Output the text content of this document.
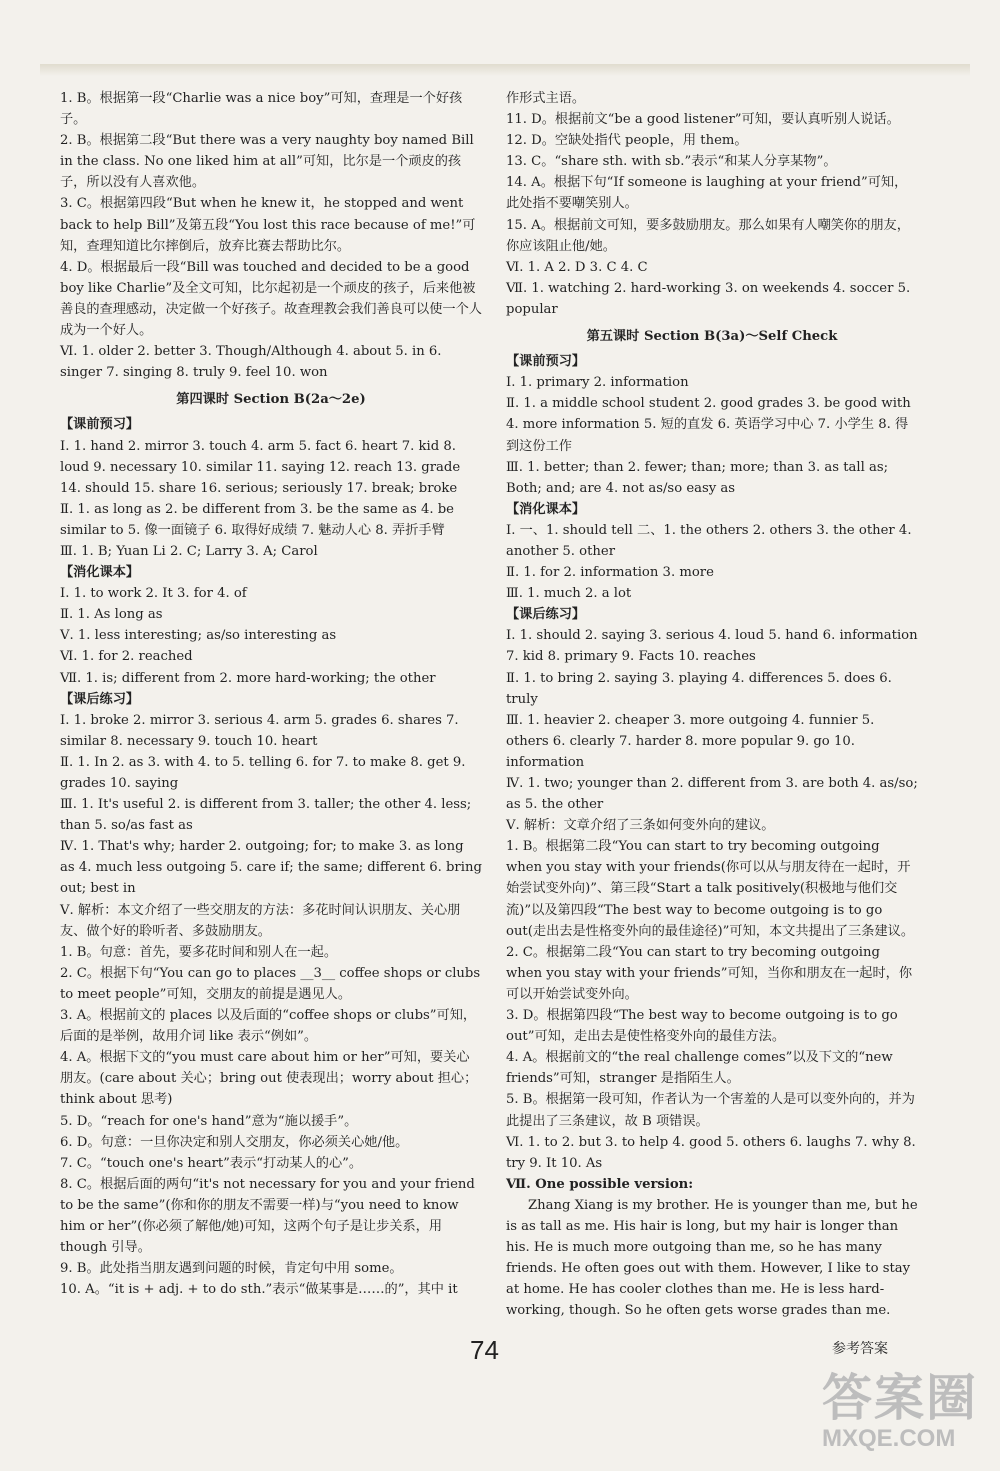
1. B。根据第一段“Charlie was a nice boy”可知，查理是一个好孩子。

2. B。根据第二段“But there was a very naughty boy named Bill in the class. No one liked him at all”可知，比尔是一个顽皮的孩子，所以没有人喜欢他。

3. C。根据第四段“But when he knew it，he stopped and went back to help Bill”及第五段“You lost this race because of me!”可知，查理知道比尔摔倒后，放弃比赛去帮助比尔。

4. D。根据最后一段“Bill was touched and decided to be a good boy like Charlie”及全文可知，比尔起初是一个顽皮的孩子，后来他被善良的查理感动，决定做一个好孩子。故查理教会我们善良可以使一个人成为一个好人。

Ⅵ. 1. older 2. better 3. Though/Although 4. about 5. in 6. singer 7. singing 8. truly 9. feel 10. won

第四课时 Section B(2a～2e)

【课前预习】

Ⅰ. 1. hand 2. mirror 3. touch 4. arm 5. fact 6. heart 7. kid 8. loud 9. necessary 10. similar 11. saying 12. reach 13. grade 14. should 15. share 16. serious; seriously 17. break; broke

Ⅱ. 1. as long as 2. be different from 3. be the same as 4. be similar to 5. 像一面镜子 6. 取得好成绩 7. 魅动人心 8. 弄折手臂

Ⅲ. 1. B; Yuan Li 2. C; Larry 3. A; Carol

【消化课本】

Ⅰ. 1. to work 2. It 3. for 4. of

Ⅱ. 1. As long as

Ⅴ. 1. less interesting; as/so interesting as

Ⅵ. 1. for 2. reached

Ⅶ. 1. is; different from 2. more hard-working; the other

【课后练习】

Ⅰ. 1. broke 2. mirror 3. serious 4. arm 5. grades 6. shares 7. similar 8. necessary 9. touch 10. heart

Ⅱ. 1. In 2. as 3. with 4. to 5. telling 6. for 7. to make 8. get 9. grades 10. saying

Ⅲ. 1. It's useful 2. is different from 3. taller; the other 4. less; than 5. so/as fast as

Ⅳ. 1. That's why; harder 2. outgoing; for; to make 3. as long as 4. much less outgoing 5. care if; the same; different 6. bring out; best in

Ⅴ. 解析：本文介绍了一些交朋友的方法：多花时间认识朋友、关心朋友、做个好的聆听者、多鼓励朋友。

1. B。句意：首先，要多花时间和别人在一起。

2. C。根据下句“You can go to places __3__ coffee shops or clubs to meet people”可知，交朋友的前提是遇见人。

3. A。根据前文的 places 以及后面的“coffee shops or clubs”可知，后面的是举例，故用介词 like 表示“例如”。

4. A。根据下文的“you must care about him or her”可知，要关心朋友。(care about 关心；bring out 使表现出；worry about 担心；think about 思考)

5. D。“reach for one's hand”意为“施以援手”。

6. D。句意：一旦你决定和别人交朋友，你必须关心她/他。

7. C。“touch one's heart”表示“打动某人的心”。

8. C。根据后面的两句“it's not necessary for you and your friend to be the same”(你和你的朋友不需要一样)与“you need to know him or her”(你必须了解他/她)可知，这两个句子是让步关系，用 though 引导。

9. B。此处指当朋友遇到问题的时候，肯定句中用 some。

10. A。“it is + adj. + to do sth.”表示“做某事是……的”，其中 it

作形式主语。

11. D。根据前文“be a good listener”可知，要认真听别人说话。

12. D。空缺处指代 people，用 them。

13. C。“share sth. with sb.”表示“和某人分享某物”。

14. A。根据下句“If someone is laughing at your friend”可知，此处指不要嘲笑别人。

15. A。根据前文可知，要多鼓励朋友。那么如果有人嘲笑你的朋友，你应该阻止他/她。

Ⅵ. 1. A 2. D 3. C 4. C

Ⅶ. 1. watching 2. hard-working 3. on weekends 4. soccer 5. popular

第五课时 Section B(3a)～Self Check

【课前预习】

Ⅰ. 1. primary 2. information

Ⅱ. 1. a middle school student 2. good grades 3. be good with 4. more information 5. 短的直发 6. 英语学习中心 7. 小学生 8. 得到这份工作

Ⅲ. 1. better; than 2. fewer; than; more; than 3. as tall as; Both; and; are 4. not as/so easy as

【消化课本】

Ⅰ. 一、1. should tell 二、1. the others 2. others 3. the other 4. another 5. other

Ⅱ. 1. for 2. information 3. more

Ⅲ. 1. much 2. a lot

【课后练习】

Ⅰ. 1. should 2. saying 3. serious 4. loud 5. hand 6. information 7. kid 8. primary 9. Facts 10. reaches

Ⅱ. 1. to bring 2. saying 3. playing 4. differences 5. does 6. truly

Ⅲ. 1. heavier 2. cheaper 3. more outgoing 4. funnier 5. others 6. clearly 7. harder 8. more popular 9. go 10. information

Ⅳ. 1. two; younger than 2. different from 3. are both 4. as/so; as 5. the other

Ⅴ. 解析：文章介绍了三条如何变外向的建议。

1. B。根据第二段“You can start to try becoming outgoing when you stay with your friends(你可以从与朋友待在一起时，开始尝试变外向)”、第三段“Start a talk positively(积极地与他们交流)”以及第四段“The best way to become outgoing is to go out(走出去是性格变外向的最佳途径)”可知，本文共提出了三条建议。

2. C。根据第二段“You can start to try becoming outgoing when you stay with your friends”可知，当你和朋友在一起时，你可以开始尝试变外向。

3. D。根据第四段“The best way to become outgoing is to go out”可知，走出去是使性格变外向的最佳方法。

4. A。根据前文的“the real challenge comes”以及下文的“new friends”可知，stranger 是指陌生人。

5. B。根据第一段可知，作者认为一个害羞的人是可以变外向的，并为此提出了三条建议，故 B 项错误。

Ⅵ. 1. to 2. but 3. to help 4. good 5. others 6. laughs 7. why 8. try 9. It 10. As

Ⅶ. One possible version:

Zhang Xiang is my brother. He is younger than me, but he is as tall as me. His hair is long, but my hair is longer than his. He is much more outgoing than me, so he has many friends. He often goes out with them. However, I like to stay at home. He has cooler clothes than me. He is less hard-working, though. So he often gets worse grades than me.

74	参考答案
答案圈
MXQE.COM
